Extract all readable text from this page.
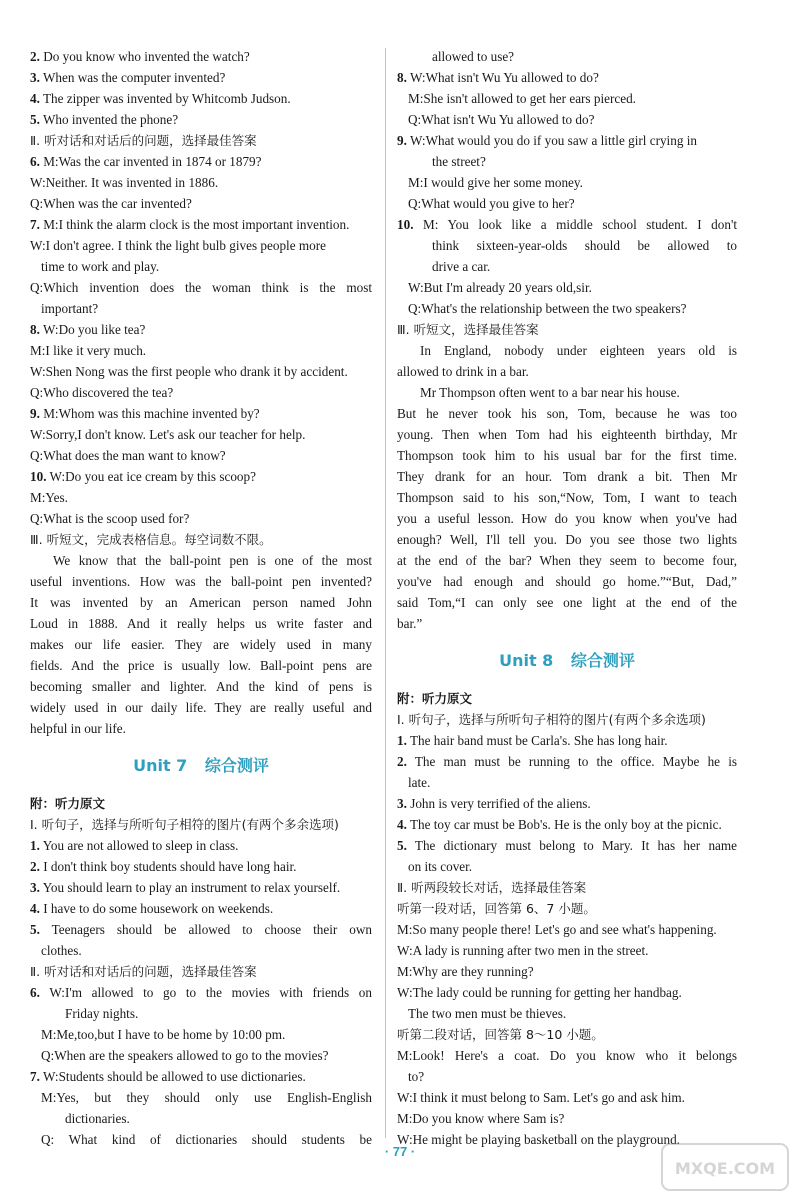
2. Do you know who invented the watch?
3. When was the computer invented?
4. The zipper was invented by Whitcomb Judson.
5. Who invented the phone?
Ⅱ. 听对话和对话后的问题，选择最佳答案
6. M:Was the car invented in 1874 or 1879?
W:Neither. It was invented in 1886.
Q:When was the car invented?
7. M:I think the alarm clock is the most important invention.
W:I don't agree. I think the light bulb gives people more
time to work and play.
Q:Which invention does the woman think is the most
important?
8. W:Do you like tea?
M:I like it very much.
W:Shen Nong was the first people who drank it by accident.
Q:Who discovered the tea?
9. M:Whom was this machine invented by?
W:Sorry,I don't know. Let's ask our teacher for help.
Q:What does the man want to know?
10. W:Do you eat ice cream by this scoop?
M:Yes.
Q:What is the scoop used for?
Ⅲ. 听短文，完成表格信息。每空词数不限。
We know that the ball-point pen is one of the most
useful inventions. How was the ball-point pen invented?
It was invented by an American person named John
Loud in 1888. And it really helps us write faster and
makes our life easier. They are widely used in many
fields. And the price is usually low. Ball-point pens are
becoming smaller and lighter. And the kind of pens is
widely used in our daily life. They are really useful and
helpful in our life.
Unit 7 综合测评
附：听力原文
Ⅰ. 听句子，选择与所听句子相符的图片(有两个多余选项)
1. You are not allowed to sleep in class.
2. I don't think boy students should have long hair.
3. You should learn to play an instrument to relax yourself.
4. I have to do some housework on weekends.
5. Teenagers should be allowed to choose their own
clothes.
Ⅱ. 听对话和对话后的问题，选择最佳答案
6. W:I'm allowed to go to the movies with friends on
Friday nights.
M:Me,too,but I have to be home by 10:00 pm.
Q:When are the speakers allowed to go to the movies?
7. W:Students should be allowed to use dictionaries.
M:Yes, but they should only use English-English
dictionaries.
Q: What kind of dictionaries should students be
allowed to use?
8. W:What isn't Wu Yu allowed to do?
M:She isn't allowed to get her ears pierced.
Q:What isn't Wu Yu allowed to do?
9. W:What would you do if you saw a little girl crying in
the street?
M:I would give her some money.
Q:What would you give to her?
10. M: You look like a middle school student. I don't
think sixteen-year-olds should be allowed to
drive a car.
W:But I'm already 20 years old,sir.
Q:What's the relationship between the two speakers?
Ⅲ. 听短文，选择最佳答案
In England, nobody under eighteen years old is
allowed to drink in a bar.
Mr Thompson often went to a bar near his house.
But he never took his son, Tom, because he was too
young. Then when Tom had his eighteenth birthday, Mr
Thompson took him to his usual bar for the first time.
They drank for an hour. Tom drank a bit. Then Mr
Thompson said to his son,“Now, Tom, I want to teach
you a useful lesson. How do you know when you've had
enough? Well, I'll tell you. Do you see those two lights
at the end of the bar? When they seem to become four,
you've had enough and should go home.”“But, Dad,”
said Tom,“I can only see one light at the end of the
bar.”
Unit 8 综合测评
附：听力原文
Ⅰ. 听句子，选择与所听句子相符的图片(有两个多余选项)
1. The hair band must be Carla's. She has long hair.
2. The man must be running to the office. Maybe he is
late.
3. John is very terrified of the aliens.
4. The toy car must be Bob's. He is the only boy at the picnic.
5. The dictionary must belong to Mary. It has her name
on its cover.
Ⅱ. 听两段较长对话，选择最佳答案
听第一段对话，回答第 6、7 小题。
M:So many people there! Let's go and see what's happening.
W:A lady is running after two men in the street.
M:Why are they running?
W:The lady could be running for getting her handbag.
The two men must be thieves.
听第二段对话，回答第 8～10 小题。
M:Look! Here's a coat. Do you know who it belongs
to?
W:I think it must belong to Sam. Let's go and ask him.
M:Do you know where Sam is?
W:He might be playing basketball on the playground.
· 77 ·
MXQE.COM
